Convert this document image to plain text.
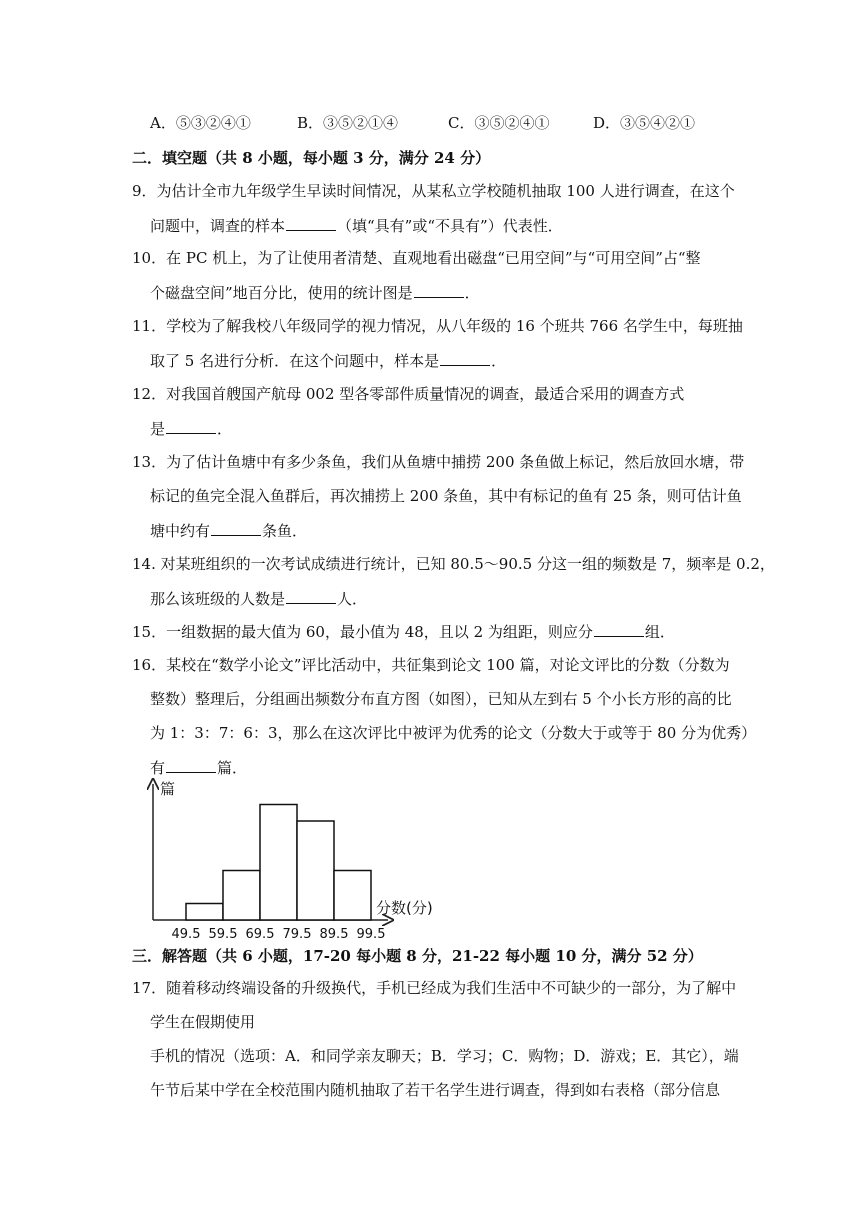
A．⑤③②④①	B．③⑤②①④	C．③⑤②④①	D．③⑤④②①
二．填空题（共 8 小题，每小题 3 分，满分 24 分）
9．为估计全市九年级学生早读时间情况，从某私立学校随机抽取 100 人进行调查，在这个
问题中，调查的样本	（填“具有”或“不具有”）代表性．
10．在 PC 机上，为了让使用者清楚、直观地看出磁盘“已用空间”与“可用空间”占“整
个磁盘空间”地百分比，使用的统计图是	．
11．学校为了解我校八年级同学的视力情况，从八年级的 16 个班共 766 名学生中，每班抽
取了 5 名进行分析．在这个问题中，样本是	．
12．对我国首艘国产航母 002 型各零部件质量情况的调查，最适合采用的调查方式
是	．
13．为了估计鱼塘中有多少条鱼，我们从鱼塘中捕捞 200 条鱼做上标记，然后放回水塘，带
标记的鱼完全混入鱼群后，再次捕捞上 200 条鱼，其中有标记的鱼有 25 条，则可估计鱼
塘中约有	条鱼．
14. 对某班组织的一次考试成绩进行统计，已知 80.5～90.5 分这一组的频数是 7，频率是 0.2，
那么该班级的人数是	人．
15．一组数据的最大值为 60，最小值为 48，且以 2 为组距，则应分	组．
16．某校在“数学小论文”评比活动中，共征集到论文 100 篇，对论文评比的分数（分数为
整数）整理后，分组画出频数分布直方图（如图），已知从左到右 5 个小长方形的高的比
为 1：3：7：6：3，那么在这次评比中被评为优秀的论文（分数大于或等于 80 分为优秀）
有	篇．
49.5 59.5 69.5 79.5 89.5 99.5
篇
分数(分)
三．解答题（共 6 小题，17-20 每小题 8 分，21-22 每小题 10 分，满分 52 分）
17．随着移动终端设备的升级换代，手机已经成为我们生活中不可缺少的一部分，为了解中
学生在假期使用
手机的情况（选项：A．和同学亲友聊天；B．学习；C．购物；D．游戏；E．其它），端
午节后某中学在全校范围内随机抽取了若干名学生进行调查，得到如右表格（部分信息
